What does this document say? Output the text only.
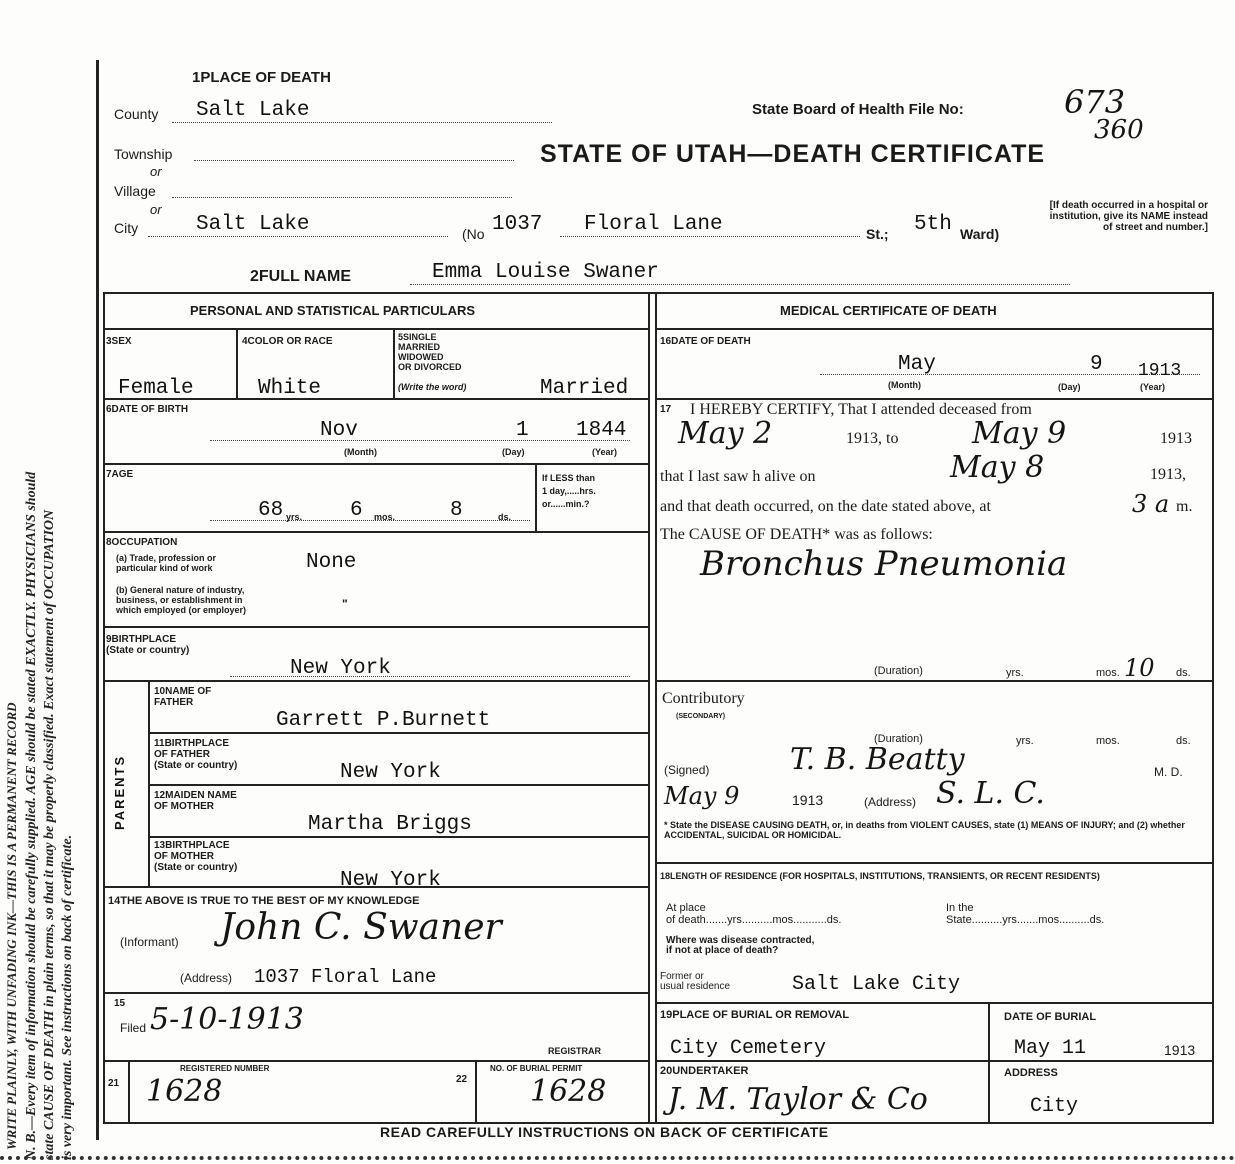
WRITE PLAINLY, WITH UNFADING INK—THIS IS A PERMANENT RECORD N. B.—Every item of information should be carefully supplied. AGE should be stated EXACTLY. PHYSICIANS should state CAUSE OF DEATH in plain terms, so that it may be properly classified. Exact statement of OCCUPATION is very important. See instructions on back of certificate.
1PLACE OF DEATH
County Salt Lake
Township
or
Village
or
City	Salt Lake	(No 1037 Floral Lane	St.; 5th Ward)
State Board of Health File No:	673
360
STATE OF UTAH—DEATH CERTIFICATE
[If death occurred in a hospital or institution, give its NAME instead of street and number.]
2FULL NAME	Emma Louise Swaner
PERSONAL AND STATISTICAL PARTICULARS
3SEX
Female
4COLOR OR RACE
White
5SINGLE
MARRIED
WIDOWED
OR DIVORCED
(Write the word)	Married
6DATE OF BIRTH
Nov	1 1844
(Month)	(Day)	(Year)
7AGE
68 yrs. 6 mos.	8	ds.
If LESS than
1 day,.....hrs.
or......min.?
8OCCUPATION
(a) Trade, profession or
particular kind of work	None
(b) General nature of industry,
business, or establishment in
which employed (or employer)	"
9BIRTHPLACE
(State or country)
New York
PARENTS
10NAME OF
FATHER
Garrett P.Burnett
11BIRTHPLACE
OF FATHER
(State or country)	New York
12MAIDEN NAME
OF MOTHER
Martha Briggs
13BIRTHPLACE
OF MOTHER
(State or country)
New York
14THE ABOVE IS TRUE TO THE BEST OF MY KNOWLEDGE
(Informant) John C. Swaner
(Address) 1037 Floral Lane
15
Filed 5-10-1913
REGISTRAR
21
REGISTERED NUMBER
1628	22
NO. OF BURIAL PERMIT
1628
MEDICAL CERTIFICATE OF DEATH
16DATE OF DEATH
May	9 1913
(Month)	(Day)	(Year)
17 I HEREBY CERTIFY, That I attended deceased from
May 2	1913, to May 9	1913
that I last saw h alive on	May 8	1913,
and that death occurred, on the date stated above, at	3 a m.
The CAUSE OF DEATH* was as follows:
Bronchus Pneumonia
(Duration)	yrs.	mos. 10 ds.
Contributory
(SECONDARY)
(Duration)	yrs.	mos.	ds.
(Signed)	T. B. Beatty	M. D.
May 9	1913	(Address) S. L. C.
* State the DISEASE CAUSING DEATH, or, in deaths from VIOLENT CAUSES, state (1) MEANS OF INJURY; and (2) whether ACCIDENTAL, SUICIDAL OR HOMICIDAL.
18LENGTH OF RESIDENCE (FOR HOSPITALS, INSTITUTIONS, TRANSIENTS, OR RECENT RESIDENTS)
At place
of death.......yrs..........mos...........ds.
In the
State..........yrs.......mos..........ds.
Where was disease contracted,
if not at place of death?
Former or
usual residence	Salt Lake City
19PLACE OF BURIAL OR REMOVAL
City Cemetery
DATE OF BURIAL
May 11	1913
20UNDERTAKER
J. M. Taylor & Co
ADDRESS
City
READ CAREFULLY INSTRUCTIONS ON BACK OF CERTIFICATE
